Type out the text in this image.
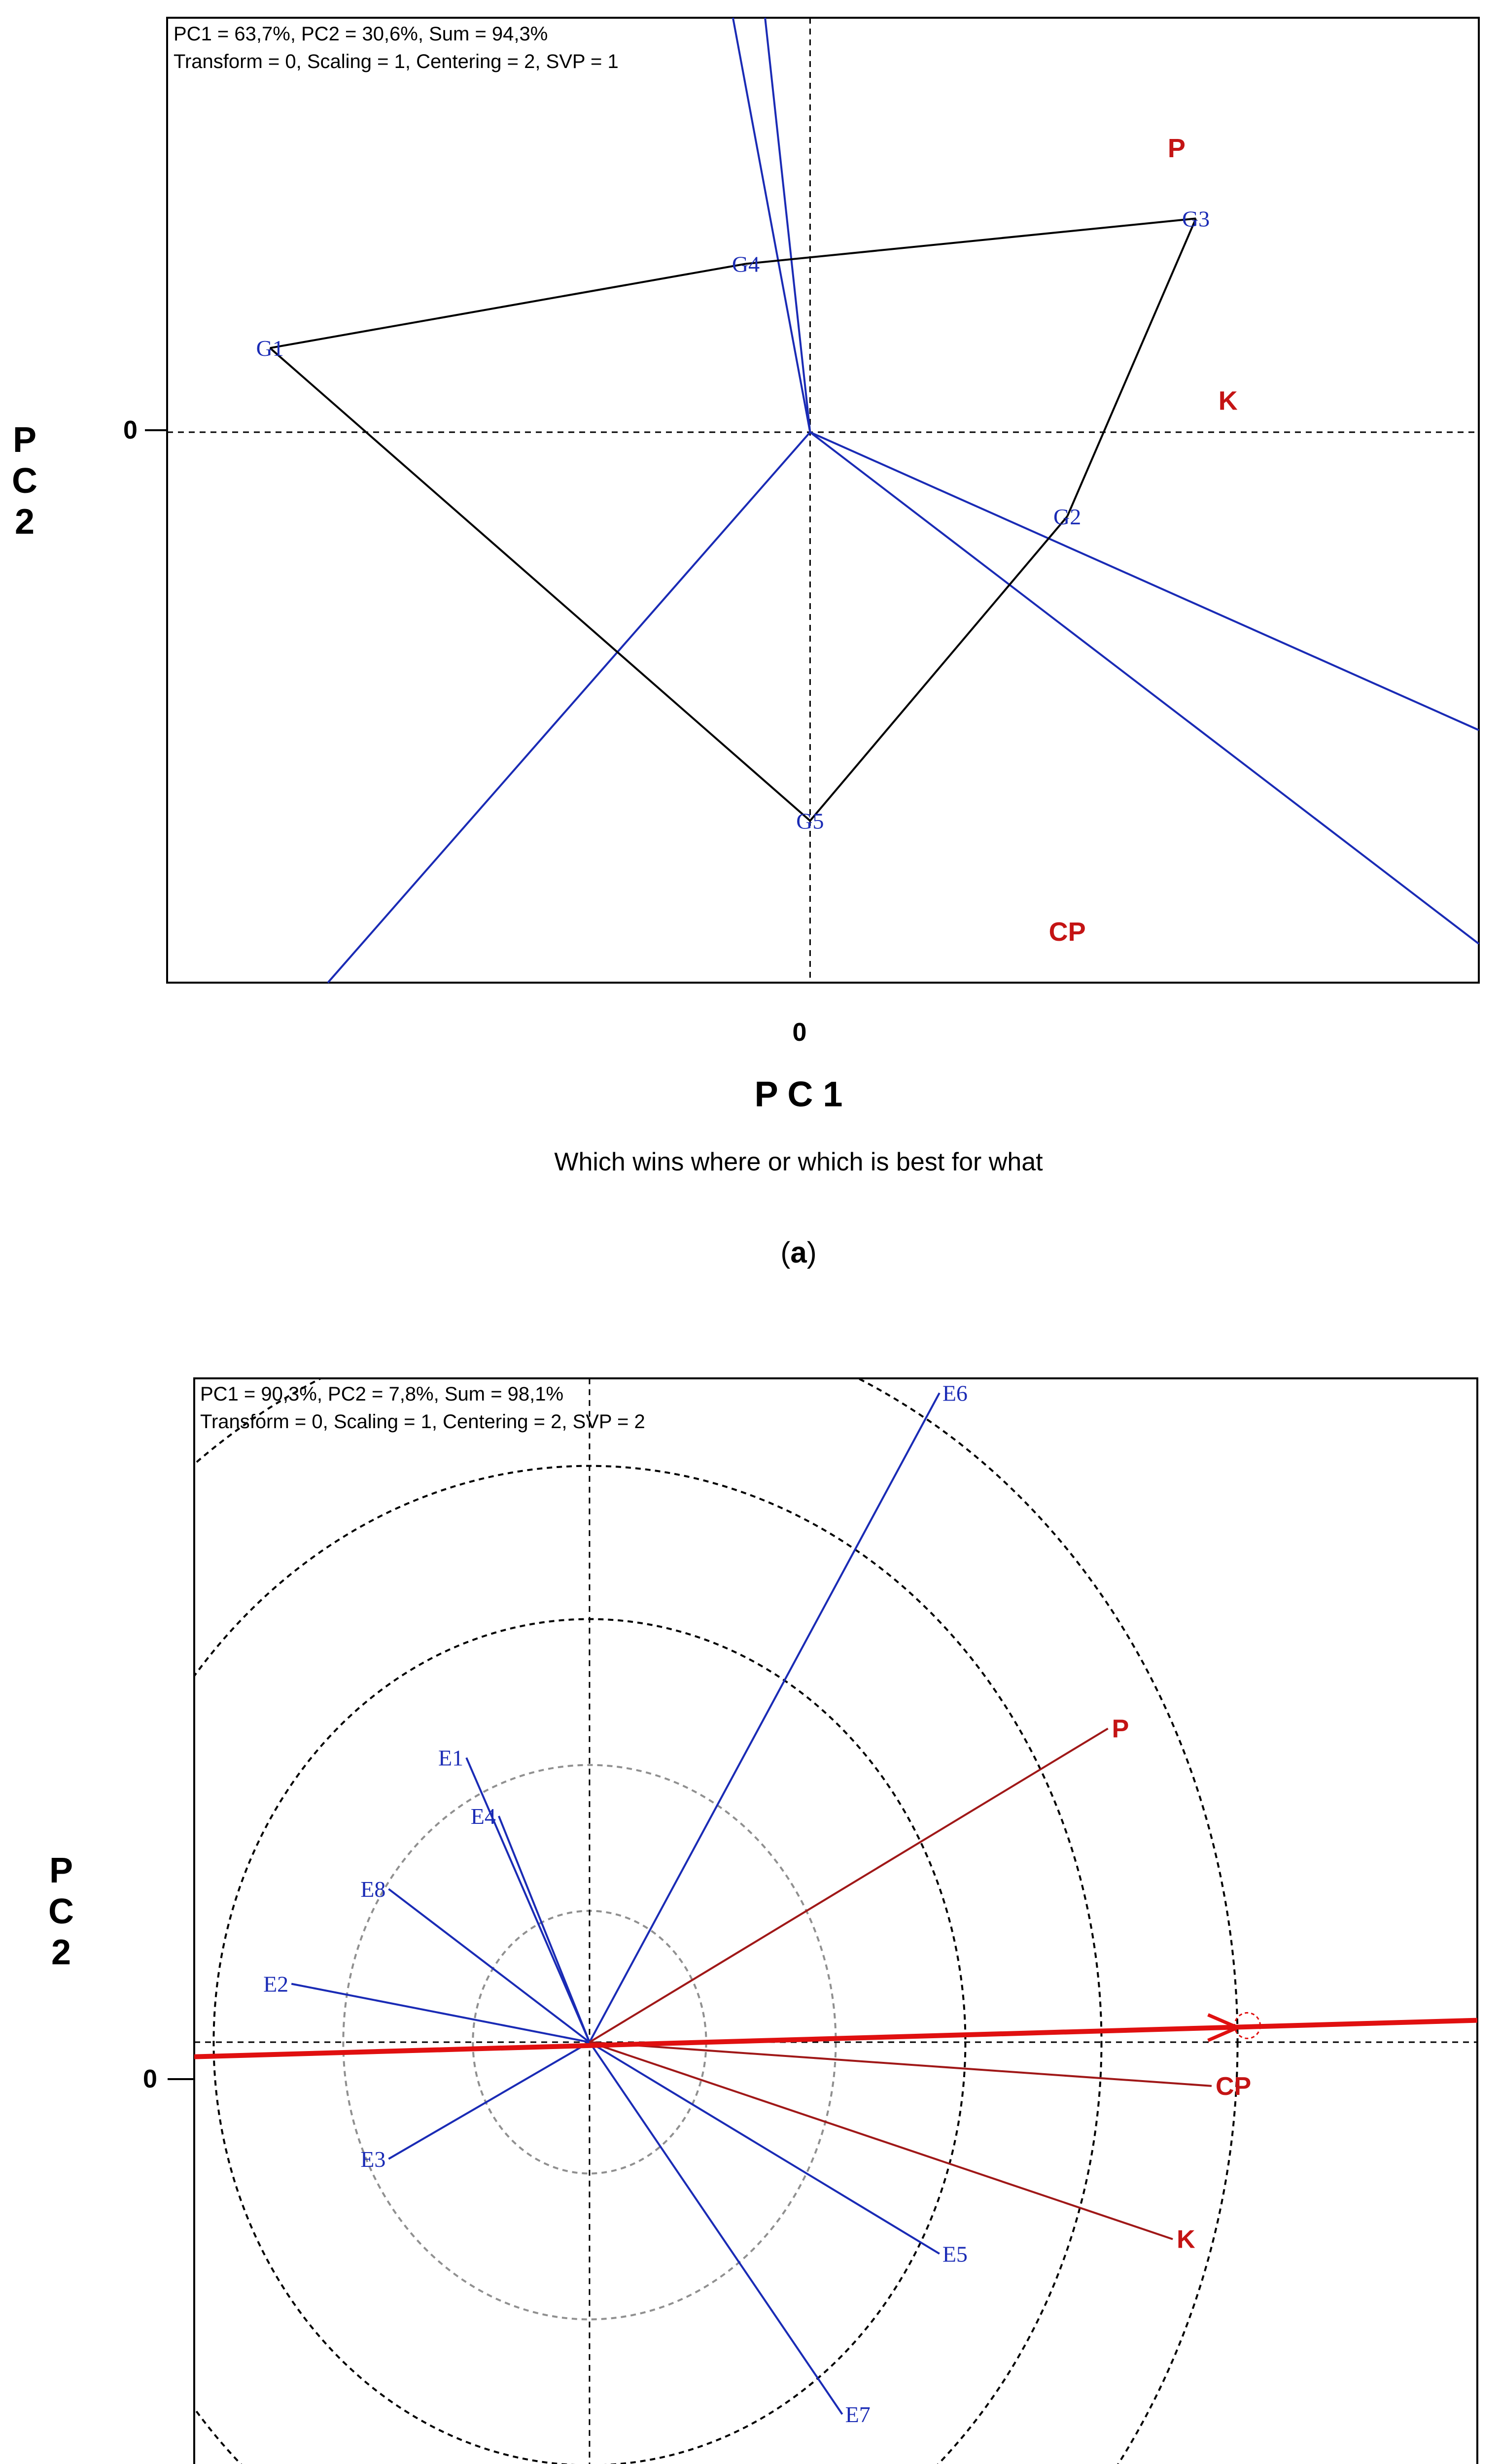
G1
G2
G3
G4
G5
P
K
CP
PC1 = 63,7%, PC2 = 30,6%, Sum = 94,3%
Transform = 0, Scaling = 1, Centering = 2, SVP = 1
0
0
P
C
2
P C 1
Which wins where or which is best for what
(a)
E1
E2
E3
E4
E5
E6
E7
E8
P
CP
K
PC1 = 90,3%, PC2 = 7,8%, Sum = 98,1%
Transform = 0, Scaling = 1, Centering = 2, SVP = 2
0
P
C
2
